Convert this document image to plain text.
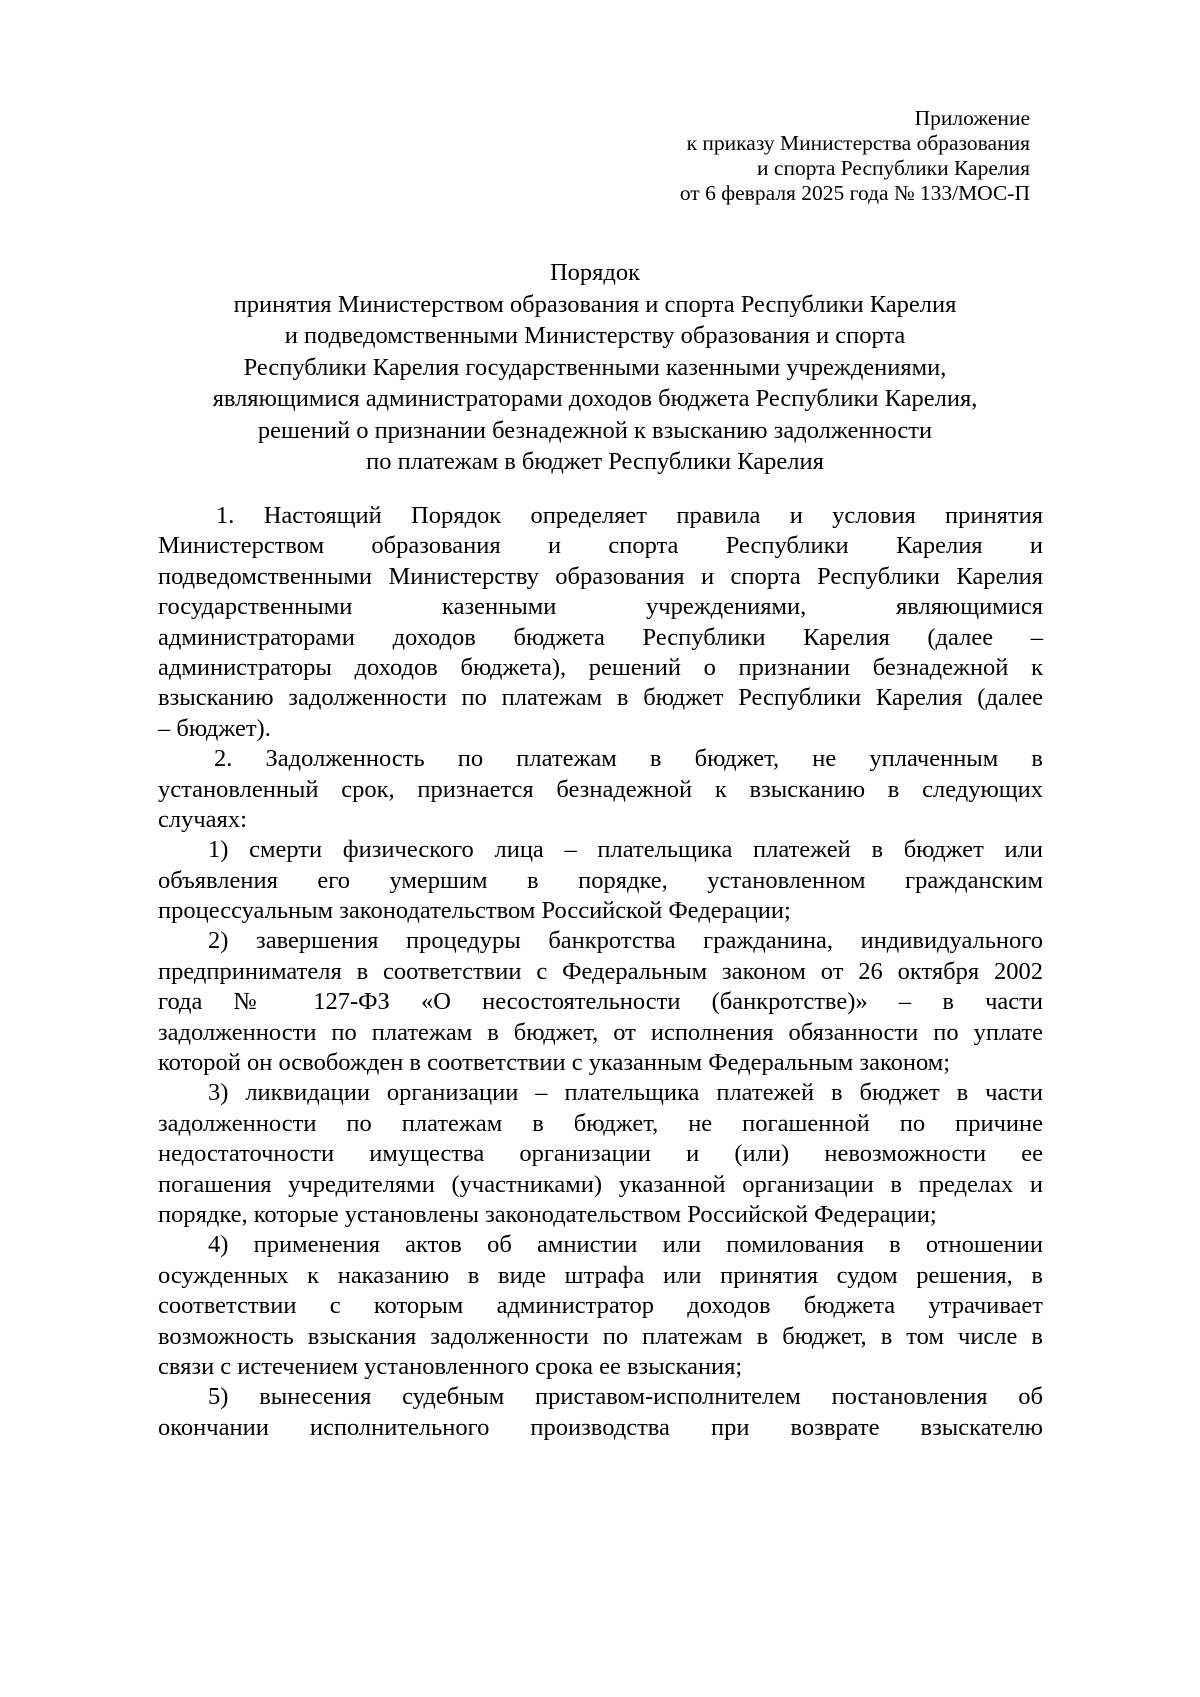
Приложение
к приказу Министерства образования
и спорта Республики Карелия
от 6 февраля 2025 года № 133/МОС-П
Порядок
принятия Министерством образования и спорта Республики Карелия
и подведомственными Министерству образования и спорта
Республики Карелия государственными казенными учреждениями,
являющимися администраторами доходов бюджета Республики Карелия,
решений о признании безнадежной к взысканию задолженности
по платежам в бюджет Республики Карелия
1. Настоящий Порядок определяет правила и условия принятия
Министерством образования и спорта Республики Карелия и
подведомственными Министерству образования и спорта Республики Карелия
государственными казенными учреждениями, являющимися
администраторами доходов бюджета Республики Карелия (далее –
администраторы доходов бюджета), решений о признании безнадежной к
взысканию задолженности по платежам в бюджет Республики Карелия (далее
– бюджет).
2. Задолженность по платежам в бюджет, не уплаченным в
установленный срок, признается безнадежной к взысканию в следующих
случаях:
1) смерти физического лица – плательщика платежей в бюджет или
объявления его умершим в порядке, установленном гражданским
процессуальным законодательством Российской Федерации;
2) завершения процедуры банкротства гражданина, индивидуального
предпринимателя в соответствии с Федеральным законом от 26 октября 2002
года № 127-ФЗ «О несостоятельности (банкротстве)» – в части
задолженности по платежам в бюджет, от исполнения обязанности по уплате
которой он освобожден в соответствии с указанным Федеральным законом;
3) ликвидации организации – плательщика платежей в бюджет в части
задолженности по платежам в бюджет, не погашенной по причине
недостаточности имущества организации и (или) невозможности ее
погашения учредителями (участниками) указанной организации в пределах и
порядке, которые установлены законодательством Российской Федерации;
4) применения актов об амнистии или помилования в отношении
осужденных к наказанию в виде штрафа или принятия судом решения, в
соответствии с которым администратор доходов бюджета утрачивает
возможность взыскания задолженности по платежам в бюджет, в том числе в
связи с истечением установленного срока ее взыскания;
5) вынесения судебным приставом-исполнителем постановления об
окончании исполнительного производства при возврате взыскателю
